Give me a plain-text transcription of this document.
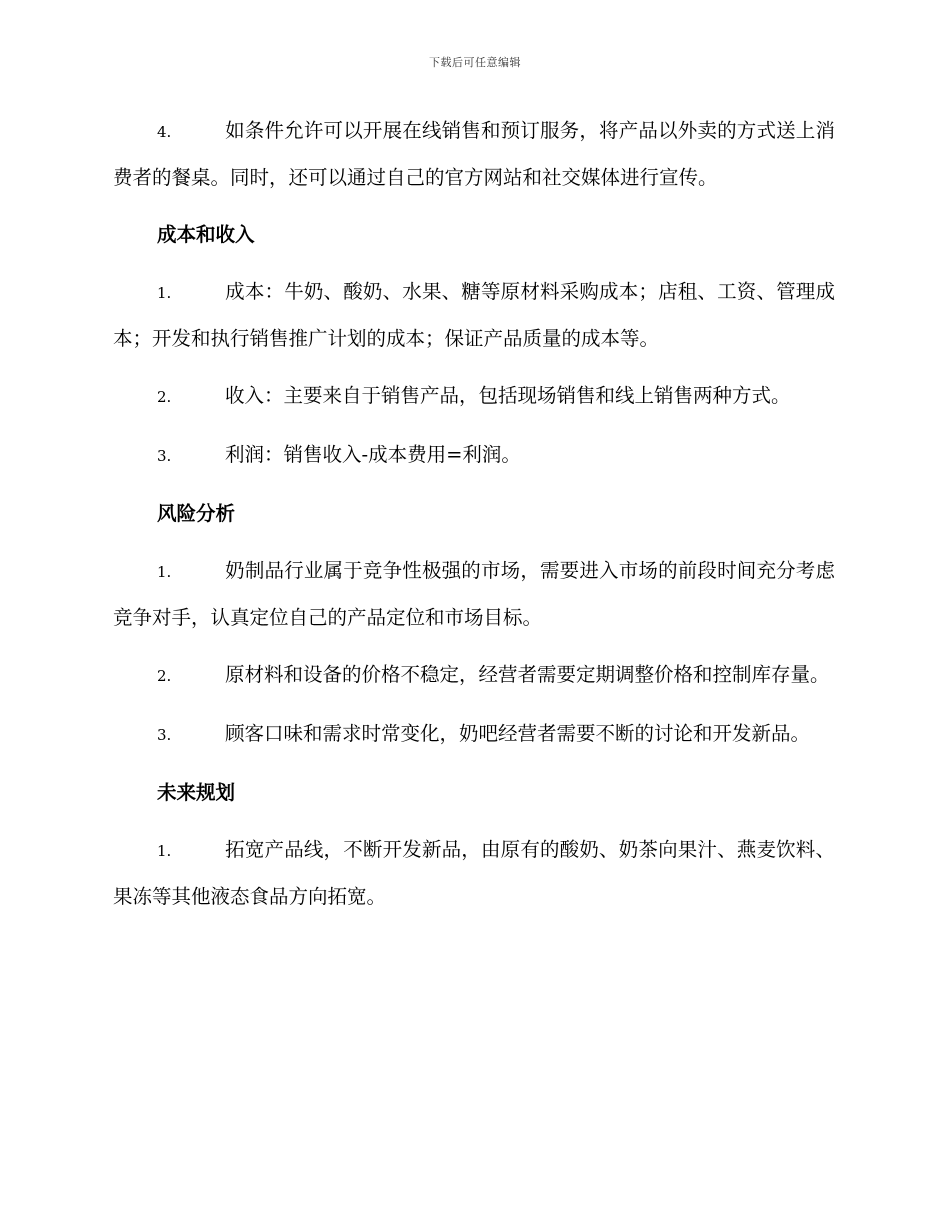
下载后可任意编辑

4.	如条件允许可以开展在线销售和预订服务，将产品以外卖的方式送上消费者的餐桌。同时，还可以通过自己的官方网站和社交媒体进行宣传。

成本和收入

1.	成本：牛奶、酸奶、水果、糖等原材料采购成本；店租、工资、管理成本；开发和执行销售推广计划的成本；保证产品质量的成本等。

2.	收入：主要来自于销售产品，包括现场销售和线上销售两种方式。

3.	利润：销售收入-成本费用=利润。

风险分析

1.	奶制品行业属于竞争性极强的市场，需要进入市场的前段时间充分考虑竞争对手，认真定位自己的产品定位和市场目标。

2.	原材料和设备的价格不稳定，经营者需要定期调整价格和控制库存量。

3.	顾客口味和需求时常变化，奶吧经营者需要不断的讨论和开发新品。

未来规划

1.	拓宽产品线，不断开发新品，由原有的酸奶、奶茶向果汁、燕麦饮料、果冻等其他液态食品方向拓宽。
